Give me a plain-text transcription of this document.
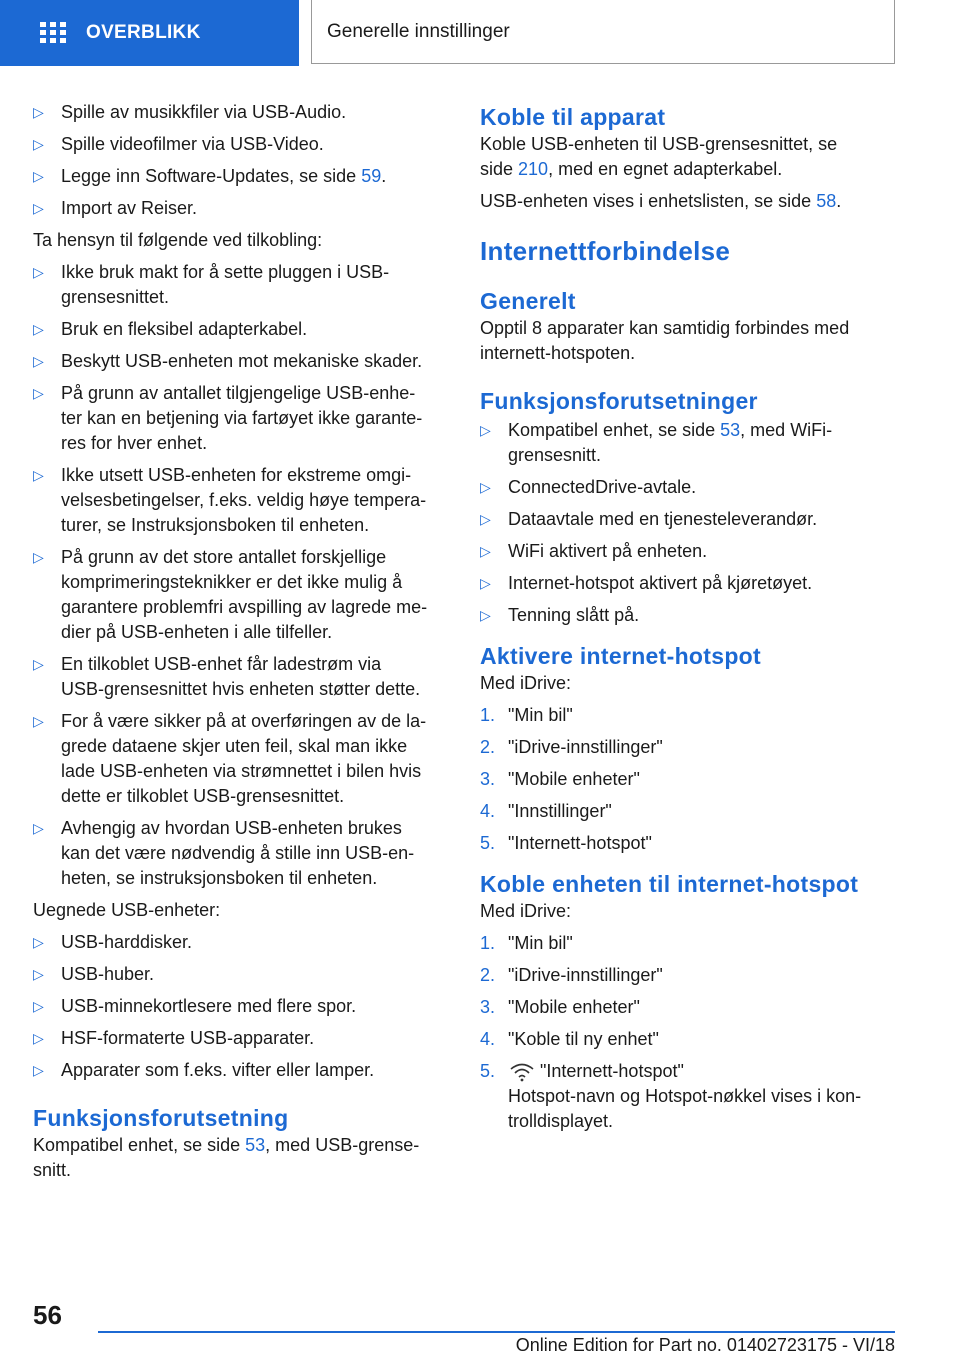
OVERBLIKK	Generelle innstillinger
▷ Spille av musikkfiler via USB-Audio.
▷ Spille videofilmer via USB-Video.
▷ Legge inn Software-Updates, se side 59.
▷ Import av Reiser.

Ta hensyn til følgende ved tilkobling:

▷ Ikke bruk makt for å sette pluggen i USB-
grensesnittet.
▷ Bruk en fleksibel adapterkabel.
▷ Beskytt USB-enheten mot mekaniske skader.
▷ På grunn av antallet tilgjengelige USB-enhe-
ter kan en betjening via fartøyet ikke garante-
res for hver enhet.
▷ Ikke utsett USB-enheten for ekstreme omgi-
velsesbetingelser, f.eks. veldig høye tempera-
turer, se Instruksjonsboken til enheten.
▷ På grunn av det store antallet forskjellige
komprimeringsteknikker er det ikke mulig å
garantere problemfri avspilling av lagrede me-
dier på USB-enheten i alle tilfeller.
▷ En tilkoblet USB-enhet får ladestrøm via
USB-grensesnittet hvis enheten støtter dette.
▷ For å være sikker på at overføringen av de la-
grede dataene skjer uten feil, skal man ikke
lade USB-enheten via strømnettet i bilen hvis
dette er tilkoblet USB-grensesnittet.
▷ Avhengig av hvordan USB-enheten brukes
kan det være nødvendig å stille inn USB-en-
heten, se instruksjonsboken til enheten.

Uegnede USB-enheter:

▷ USB-harddisker.
▷ USB-huber.
▷ USB-minnekortlesere med flere spor.
▷ HSF-formaterte USB-apparater.
▷ Apparater som f.eks. vifter eller lamper.
Funksjonsforutsetning
Kompatibel enhet, se side 53, med USB-grense-
snitt.
Koble til apparat
Koble USB-enheten til USB-grensesnittet, se
side 210, med en egnet adapterkabel.
USB-enheten vises i enhetslisten, se side 58.
Internettforbindelse
Generelt
Opptil 8 apparater kan samtidig forbindes med
internett-hotspoten.
Funksjonsforutsetninger
▷ Kompatibel enhet, se side 53, med WiFi-
grensesnitt.
▷ ConnectedDrive-avtale.
▷ Dataavtale med en tjenesteleverandør.
▷ WiFi aktivert på enheten.
▷ Internet-hotspot aktivert på kjøretøyet.
▷ Tenning slått på.
Aktivere internet-hotspot
Med iDrive:
1. "Min bil"
2. "iDrive-innstillinger"
3. "Mobile enheter"
4. "Innstillinger"
5. "Internett-hotspot"
Koble enheten til internet-hotspot
Med iDrive:
1. "Min bil"
2. "iDrive-innstillinger"
3. "Mobile enheter"
4. "Koble til ny enhet"
5.	"Internett-hotspot"
Hotspot-navn og Hotspot-nøkkel vises i kon-
trolldisplayet.
56
Online Edition for Part no. 01402723175 - VI/18
